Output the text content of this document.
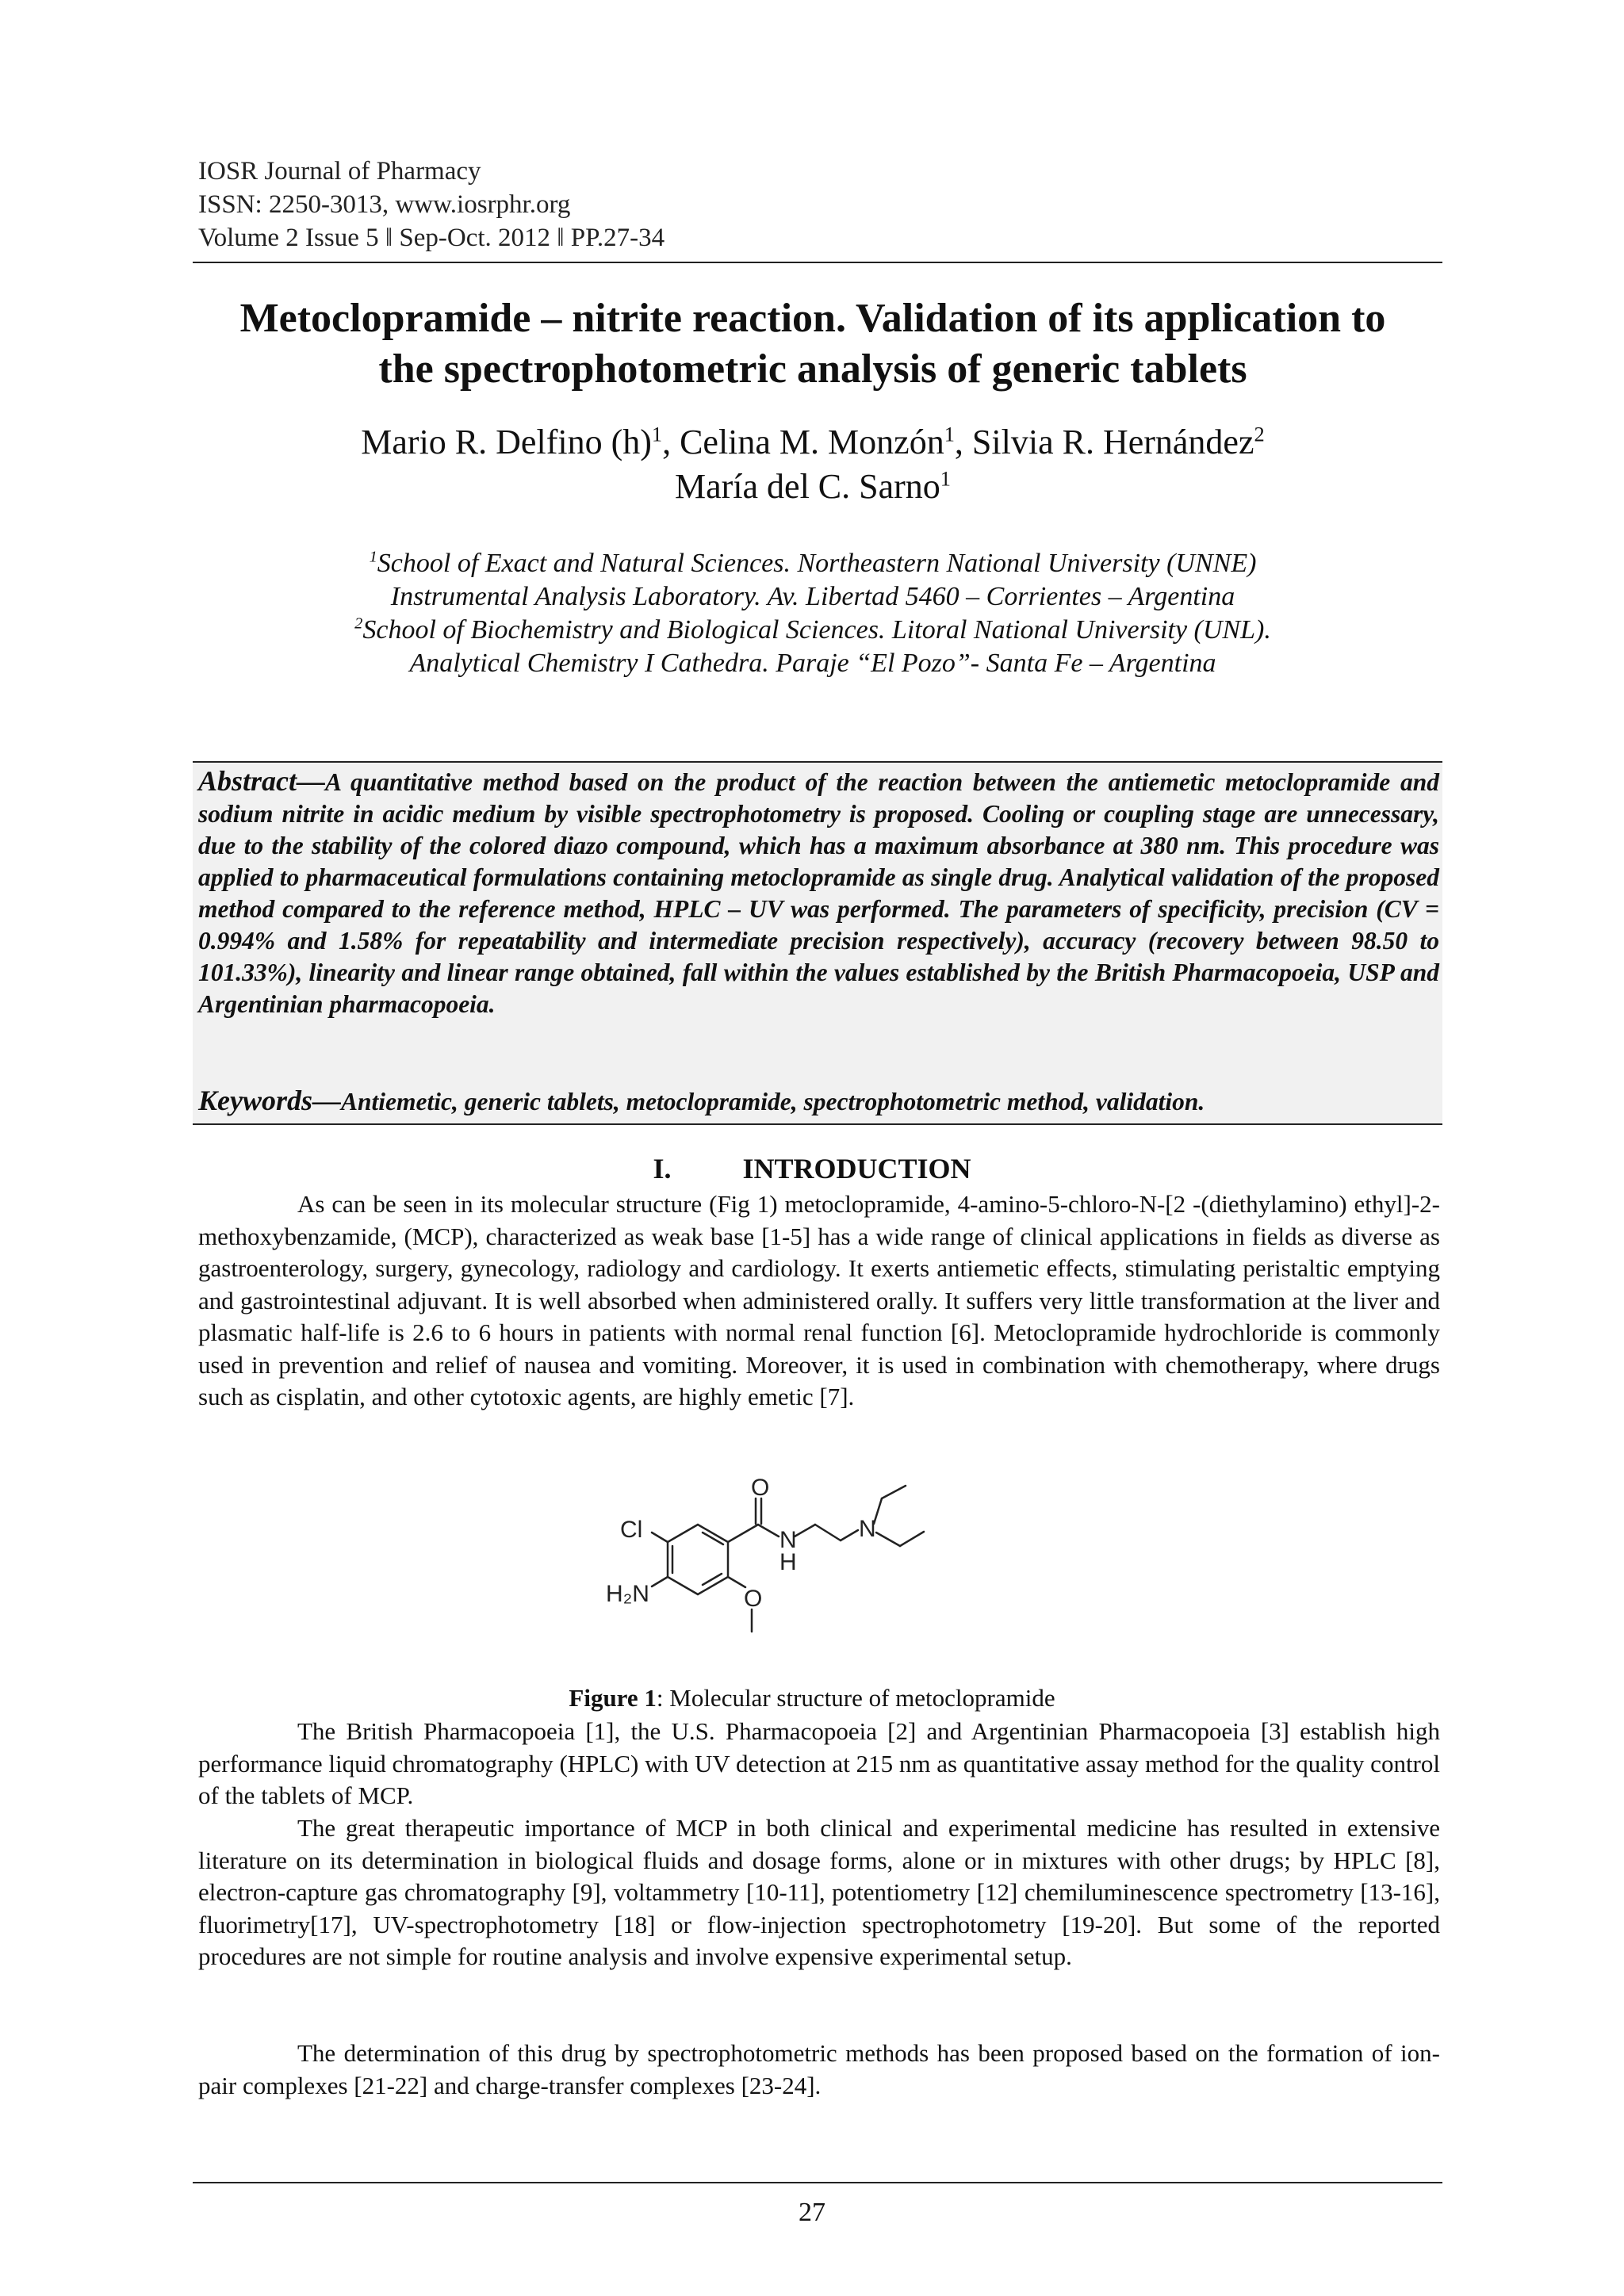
IOSR Journal of Pharmacy
ISSN: 2250-3013, www.iosrphr.org
Volume 2 Issue 5 ǁ Sep-Oct. 2012 ǁ PP.27-34
Metoclopramide – nitrite reaction. Validation of its application to
the spectrophotometric analysis of generic tablets
Mario R. Delfino $(h)^1$, Celina M. Monzón$^1$, Silvia R. Hernández$^2$
María del C. Sarno$^1$
$^1$School of Exact and Natural Sciences. Northeastern National University (UNNE)
Instrumental Analysis Laboratory. Av. Libertad 5460 – Corrientes – Argentina
$^2$School of Biochemistry and Biological Sciences. Litoral National University (UNL).
Analytical Chemistry I Cathedra. Paraje “El Pozo”- Santa Fe – Argentina
Abstract—A quantitative method based on the product of the reaction between the antiemetic metoclopramide and sodium nitrite in acidic medium by visible spectrophotometry is proposed. Cooling or coupling stage are unnecessary, due to the stability of the colored diazo compound, which has a maximum absorbance at 380 nm. This procedure was applied to pharmaceutical formulations containing metoclopramide as single drug. Analytical validation of the proposed method compared to the reference method, HPLC – UV was performed. The parameters of specificity, precision (CV = 0.994% and 1.58% for repeatability and intermediate precision respectively), accuracy (recovery between 98.50 to 101.33%), linearity and linear range obtained, fall within the values established by the British Pharmacopoeia, USP and Argentinian pharmacopoeia.
Keywords—Antiemetic, generic tablets, metoclopramide, spectrophotometric method, validation.
I.	INTRODUCTION
As can be seen in its molecular structure (Fig 1) metoclopramide, 4-amino-5-chloro-N-[2 -(diethylamino) ethyl]-2-methoxybenzamide, (MCP), characterized as weak base [1-5] has a wide range of clinical applications in fields as diverse as gastroenterology, surgery, gynecology, radiology and cardiology. It exerts antiemetic effects, stimulating peristaltic emptying and gastrointestinal adjuvant. It is well absorbed when administered orally. It suffers very little transformation at the liver and plasmatic half-life is 2.6 to 6 hours in patients with normal renal function [6]. Metoclopramide hydrochloride is commonly used in prevention and relief of nausea and vomiting. Moreover, it is used in combination with chemotherapy, where drugs such as cisplatin, and other cytotoxic agents, are highly emetic [7].
O
Cl	N
H
N
H₂N	O
Figure 1: Molecular structure of metoclopramide
The British Pharmacopoeia [1], the U.S. Pharmacopoeia [2] and Argentinian Pharmacopoeia [3] establish high performance liquid chromatography (HPLC) with UV detection at 215 nm as quantitative assay method for the quality control of the tablets of MCP.
The great therapeutic importance of MCP in both clinical and experimental medicine has resulted in extensive literature on its determination in biological fluids and dosage forms, alone or in mixtures with other drugs; by HPLC [8], electron-capture gas chromatography [9], voltammetry [10-11], potentiometry [12] chemiluminescence spectrometry [13-16], fluorimetry[17], UV-spectrophotometry [18] or flow-injection spectrophotometry [19-20]. But some of the reported procedures are not simple for routine analysis and involve expensive experimental setup.
The determination of this drug by spectrophotometric methods has been proposed based on the formation of ion-pair complexes [21-22] and charge-transfer complexes [23-24].
27
